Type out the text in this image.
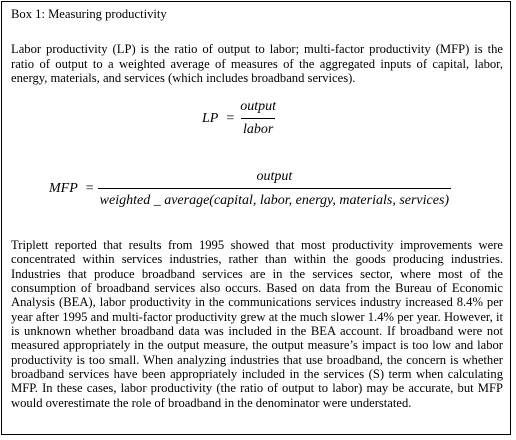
Box 1: Measuring productivity

Labor productivity (LP) is the ratio of output to labor; multi-factor productivity (MFP) is the ratio of output to a weighted average of measures of the aggregated inputs of capital, labor, energy, materials, and services (which includes broadband services).

LP = $\frac{\text{output}}{\text{labor}}$
MFP =
output
weighted _ average(capital, labor, energy, materials, services)

Triplett reported that results from 1995 showed that most productivity improvements were concentrated within services industries, rather than within the goods producing industries. Industries that produce broadband services are in the services sector, where most of the consumption of broadband services also occurs. Based on data from the Bureau of Economic Analysis (BEA), labor productivity in the communications services industry increased 8.4% per year after 1995 and multi-factor productivity grew at the much slower 1.4% per year. However, it is unknown whether broadband data was included in the BEA account. If broadband were not measured appropriately in the output measure, the output measure’s impact is too low and labor productivity is too small. When analyzing industries that use broadband, the concern is whether broadband services have been appropriately included in the services (S) term when calculating MFP. In these cases, labor productivity (the ratio of output to labor) may be accurate, but MFP would overestimate the role of broadband in the denominator were understated.
